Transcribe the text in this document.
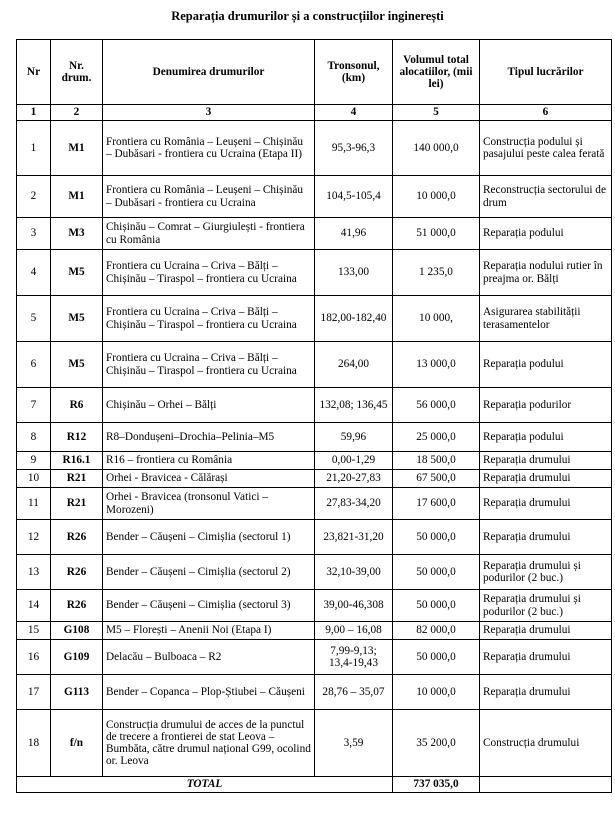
Reparația drumurilor și a construcțiilor inginerești
Nr	Nr. drum.	Denumirea drumurilor	Tronsonul, (km)	Volumul total alocatiilor, (mii lei)	Tipul lucrărilor
1	2	3	4	5	6
1	M1	Frontiera cu România – Leușeni – Chișinău – Dubăsari - frontiera cu Ucraina (Etapa II)	95,3-96,3	140 000,0	Construcția podului și pasajului peste calea ferată
2	M1	Frontiera cu România – Leușeni – Chișinău – Dubăsari - frontiera cu Ucraina	104,5-105,4	10 000,0	Reconstrucția sectorului de drum
3	M3	Chișinău – Comrat – Giurgiulești - frontiera cu România	41,96	51 000,0	Reparația podului
4	M5	Frontiera cu Ucraina – Criva – Bălți – Chișinău – Tiraspol – frontiera cu Ucraina	133,00	1 235,0	Reparația nodului rutier în preajma or. Bălți
5	M5	Frontiera cu Ucraina – Criva – Bălți – Chișinău – Tiraspol – frontiera cu Ucraina	182,00-182,40	10 000,	Asigurarea stabilității terasamentelor
6	M5	Frontiera cu Ucraina – Criva – Bălți – Chișinău – Tiraspol – frontiera cu Ucraina	264,00	13 000,0	Reparația podului
7	R6	Chișinău – Orhei – Bălți	132,08; 136,45	56 000,0	Reparația podurilor
8	R12	R8–Dondușeni–Drochia–Pelinia–M5	59,96	25 000,0	Reparația podului
9	R16.1	R16 – frontiera cu România	0,00-1,29	18 500,0	Reparația drumului
10	R21	Orhei - Bravicea - Călărași	21,20-27,83	67 500,0	Reparația drumului
11	R21	Orhei - Bravicea (tronsonul Vatici – Morozeni)	27,83-34,20	17 600,0	Reparația drumului
12	R26	Bender – Căușeni – Cimișlia (sectorul 1)	23,821-31,20	50 000,0	Reparația drumului
13	R26	Bender – Căușeni – Cimișlia (sectorul 2)	32,10-39,00	50 000,0	Reparația drumului și podurilor (2 buc.)
14	R26	Bender – Căușeni – Cimișlia (sectorul 3)	39,00-46,308	50 000,0	Reparația drumului și podurilor (2 buc.)
15	G108	M5 – Florești – Anenii Noi (Etapa I)	9,00 – 16,08	82 000,0	Reparația drumului
16	G109	Delacău – Bulboaca – R2	7,99-9,13; 13,4-19,43	50 000,0	Reparația drumului
17	G113	Bender – Copanca – Plop-Știubei – Căușeni	28,76 – 35,07	10 000,0	Reparația drumului
18	f/n	Construcția drumului de acces de la punctul de trecere a frontierei de stat Leova – Bumbăta, către drumul național G99, ocolind or. Leova	3,59	35 200,0	Construcția drumului
TOTAL				737 035,0	
